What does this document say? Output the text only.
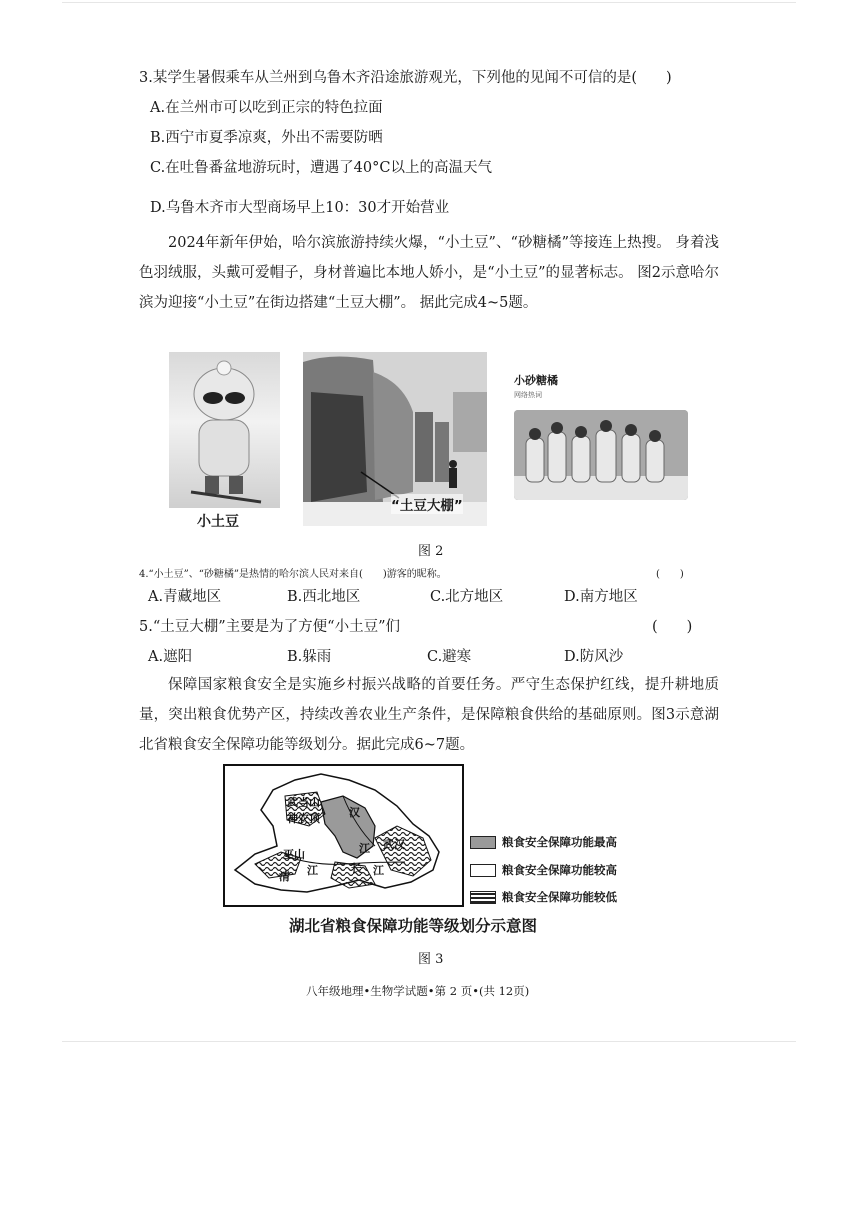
3.某学生暑假乘车从兰州到乌鲁木齐沿途旅游观光，下列他的见闻不可信的是(　　)
A.在兰州市可以吃到正宗的特色拉面
B.西宁市夏季凉爽，外出不需要防晒
C.在吐鲁番盆地游玩时，遭遇了40°C以上的高温天气
D.乌鲁木齐市大型商场早上10：30才开始营业
2024年新年伊始，哈尔滨旅游持续火爆，“小土豆”、“砂糖橘”等接连上热搜。 身着浅色羽绒服，头戴可爱帽子，身材普遍比本地人娇小，是“小土豆”的显著标志。 图2示意哈尔滨为迎接“小土豆”在街边搭建“土豆大棚”。 据此完成4~5题。
小土豆
“土豆大棚”
小砂糖橘
网络热词
图 2
4.“小土豆”、“砂糖橘”是热情的哈尔滨人民对来自(　　)游客的昵称。	(　　)
A.青藏地区	B.西北地区	C.北方地区	D.南方地区
5.“土豆大棚”主要是为了方便“小土豆”们	(　　)
A.遮阳	B.躲雨	C.避寒	D.防风沙
保障国家粮食安全是实施乡村振兴战略的首要任务。严守生态保护红线，提升耕地质量，突出粮食优势产区，持续改善农业生产条件，是保障粮食供给的基础原则。图3示意湖北省粮食安全保障功能等级划分。据此完成6~7题。
武当山
神农顶	汉
江 武汉
巫山
清 江	长 江
粮食安全保障功能最高
粮食安全保障功能较高
粮食安全保障功能较低
湖北省粮食保障功能等级划分示意图
图 3
八年级地理•生物学试题•第 2 页•(共 12页)
